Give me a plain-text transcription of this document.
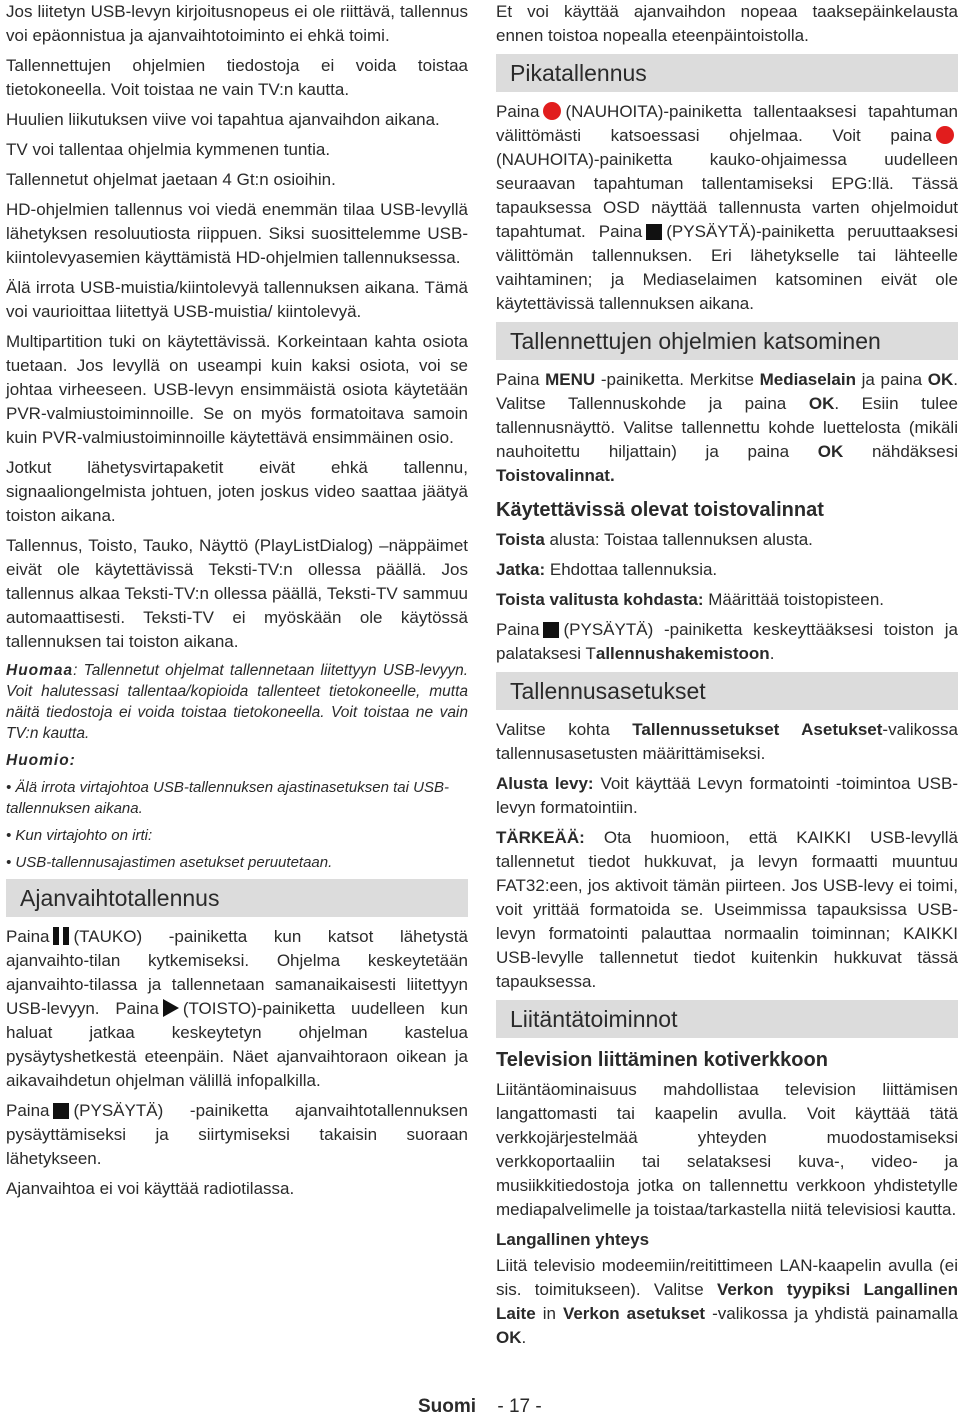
Jos liitetyn USB-levyn kirjoitusnopeus ei ole riittävä, tallennus voi epäonnistua ja ajanvaihtotoiminto ei ehkä toimi.

Tallennettujen ohjelmien tiedostoja ei voida toistaa tietokoneella. Voit toistaa ne vain TV:n kautta.

Huulien liikutuksen viive voi tapahtua ajanvaihdon aikana.

TV voi tallentaa ohjelmia kymmenen tuntia.

Tallennetut ohjelmat jaetaan 4 Gt:n osioihin.

HD-ohjelmien tallennus voi viedä enemmän tilaa USB-levyllä lähetyksen resoluutiosta riippuen. Siksi suosittelemme USB-kiintolevyasemien käyttämistä HD-ohjelmien tallennuksessa.

Älä irrota USB-muistia/kiintolevyä tallennuksen aikana. Tämä voi vaurioittaa liitettyä USB-muistia/ kiintolevyä.

Multipartition tuki on käytettävissä. Korkeintaan kahta osiota tuetaan. Jos levyllä on useampi kuin kaksi osiota, voi se johtaa virheeseen. USB-levyn ensimmäistä osiota käytetään PVR-valmiustoiminnoille. Se on myös formatoitava samoin kuin PVR-valmiustoiminnoille käytettävä ensimmäinen osio.

Jotkut lähetysvirtapaketit eivät ehkä tallennu, signaaliongelmista johtuen, joten joskus video saattaa jäätyä toiston aikana.

Tallennus, Toisto, Tauko, Näyttö (PlayListDialog) –näppäimet eivät ole käytettävissä Teksti-TV:n ollessa päällä. Jos tallennus alkaa Teksti-TV:n ollessa päällä, Teksti-TV sammuu automaattisesti. Teksti-TV ei myöskään ole käytössä tallennuksen tai toiston aikana.

Huomaa: Tallennetut ohjelmat tallennetaan liitettyyn USB-levyyn. Voit halutessasi tallentaa/kopioida tallenteet tietokoneelle, mutta näitä tiedostoja ei voida toistaa tietokoneella. Voit toistaa ne vain TV:n kautta.
Huomio:
• Älä irrota virtajohtoa USB-tallennuksen ajastinasetuksen tai USB-tallennuksen aikana.
• Kun virtajohto on irti:
• USB-tallennusajastimen asetukset peruutetaan.
Ajanvaihtotallennus

Paina (TAUKO) -painiketta kun katsot lähetystä ajanvaihto-tilan kytkemiseksi. Ohjelma keskeytetään ajanvaihto-tilassa ja tallennetaan samanaikaisesti liitettyyn USB-levyyn. Paina (TOISTO)-painiketta uudelleen kun haluat jatkaa keskeytetyn ohjelman kastelua pysäytyshetkestä eteenpäin. Näet ajanvaihtoraon oikean ja aikavaihdetun ohjelman välillä infopalkilla.

Paina (PYSÄYTÄ) -painiketta ajanvaihtotallennuksen pysäyttämiseksi ja siirtymiseksi takaisin suoraan lähetykseen.

Ajanvaihtoa ei voi käyttää radiotilassa.

Et voi käyttää ajanvaihdon nopeaa taaksepäinkelausta ennen toistoa nopealla eteenpäintoistolla.

Pikatallennus

Paina (NAUHOITA)-painiketta tallentaaksesi tapahtuman välittömästi katsoessasi ohjelmaa. Voit paina(NAUHOITA)-painiketta kauko-ohjaimessa uudelleen seuraavan tapahtuman tallentamiseksi EPG:llä. Tässä tapauksessa OSD näyttää tallennusta varten ohjelmoidut tapahtumat. Paina (PYSÄYTÄ)-painiketta peruuttaaksesi välittömän tallennuksen. Eri lähetykselle tai lähteelle vaihtaminen; ja Mediaselaimen katsominen eivät ole käytettävissä tallennuksen aikana.

Tallennettujen ohjelmien katsominen

Paina MENU -painiketta. Merkitse Mediaselain ja paina OK. Valitse Tallennuskohde ja paina OK. Esiin tulee tallennusnäyttö. Valitse tallennettu kohde luettelosta (mikäli nauhoitettu hiljattain) ja paina OK nähdäksesi Toistovalinnat.

Käytettävissä olevat toistovalinnat

Toista alusta: Toistaa tallennuksen alusta.

Jatka: Ehdottaa tallennuksia.

Toista valitusta kohdasta: Määrittää toistopisteen.

Paina (PYSÄYTÄ) -painiketta keskeyttääksesi toiston ja palataksesi Tallennushakemistoon.

Tallennusasetukset

Valitse kohta Tallennussetukset Asetukset-valikossa tallennusasetusten määrittämiseksi.

Alusta levy: Voit käyttää Levyn formatointi -toimintoa USB-levyn formatointiin.

TÄRKEÄÄ: Ota huomioon, että KAIKKI USB-levyllä tallennetut tiedot hukkuvat, ja levyn formaatti muuntuu FAT32:een, jos aktivoit tämän piirteen. Jos USB-levy ei toimi, voit yrittää formatoida se. Useimmissa tapauksissa USB-levyn formatointi palauttaa normaalin toiminnan; KAIKKI USB-levylle tallennetut tiedot kuitenkin hukkuvat tässä tapauksessa.

Liitäntätoiminnot
Television liittäminen kotiverkkoon

Liitäntäominaisuus mahdollistaa television liittämisen langattomasti tai kaapelin avulla. Voit käyttää tätä verkkojärjestelmää yhteyden muodostamiseksi verkkoportaaliin tai selataksesi kuva-, video- ja musiikkitiedostoja jotka on tallennettu verkkoon yhdistetylle mediapalvelimelle ja toistaa/tarkastella niitä televisiosi kautta.

Langallinen yhteys

Liitä televisio modeemiin/reitittimeen LAN-kaapelin avulla (ei sis. toimitukseen). Valitse Verkon tyypiksi Langallinen Laite in Verkon asetukset -valikossa ja yhdistä painamalla OK.

Suomi - 17 -
